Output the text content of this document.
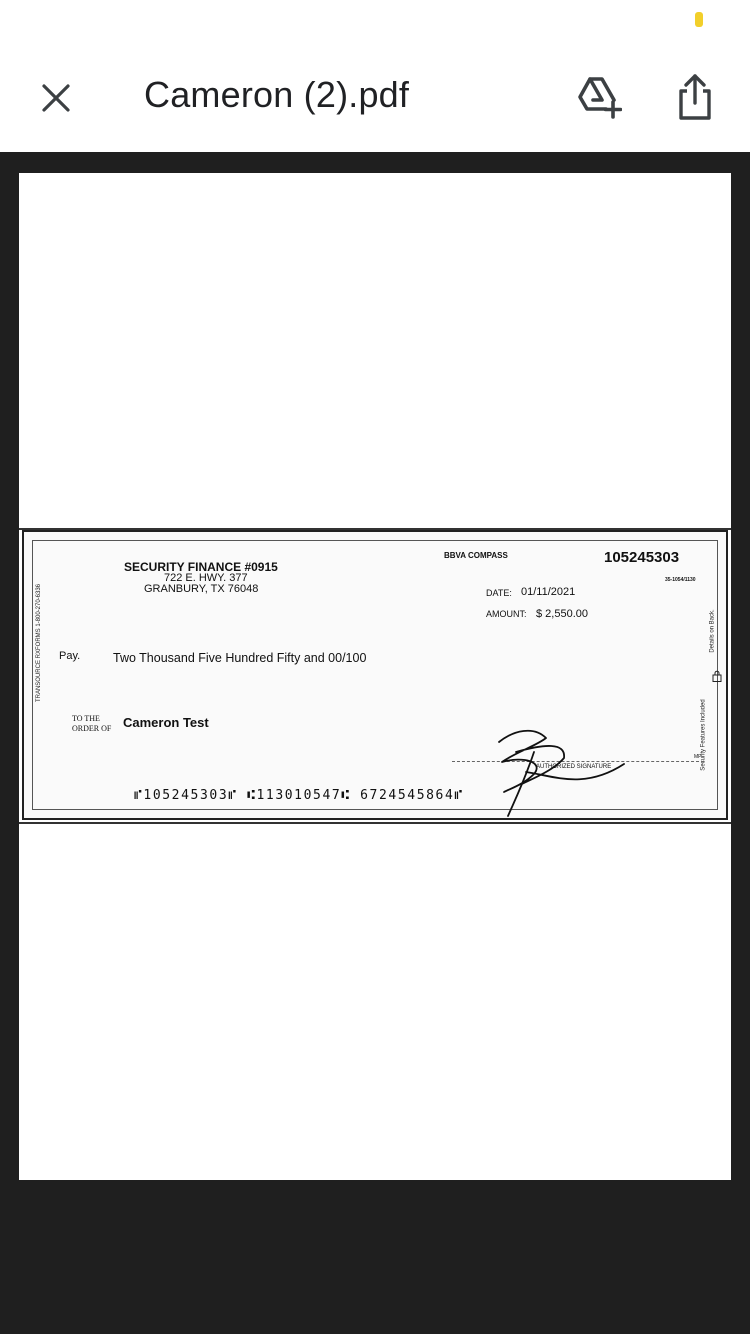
Cameron (2).pdf
TRANSOURCE RXFORMS 1-800-270-6336	Details on Back.
Security Features Included
SECURITY FINANCE #0915
722 E. HWY. 377
GRANBURY, TX 76048
BBVA COMPASS	105245303
35-1054/1130
DATE: 01/11/2021
AMOUNT: $ 2,550.00
Pay.	Two Thousand Five Hundred Fifty and 00/100
TO THE ORDER OF Cameron Test
AUTHORIZED SIGNATURE
MP
⑈105245303⑈ ⑆113010547⑆ 6724545864⑈
